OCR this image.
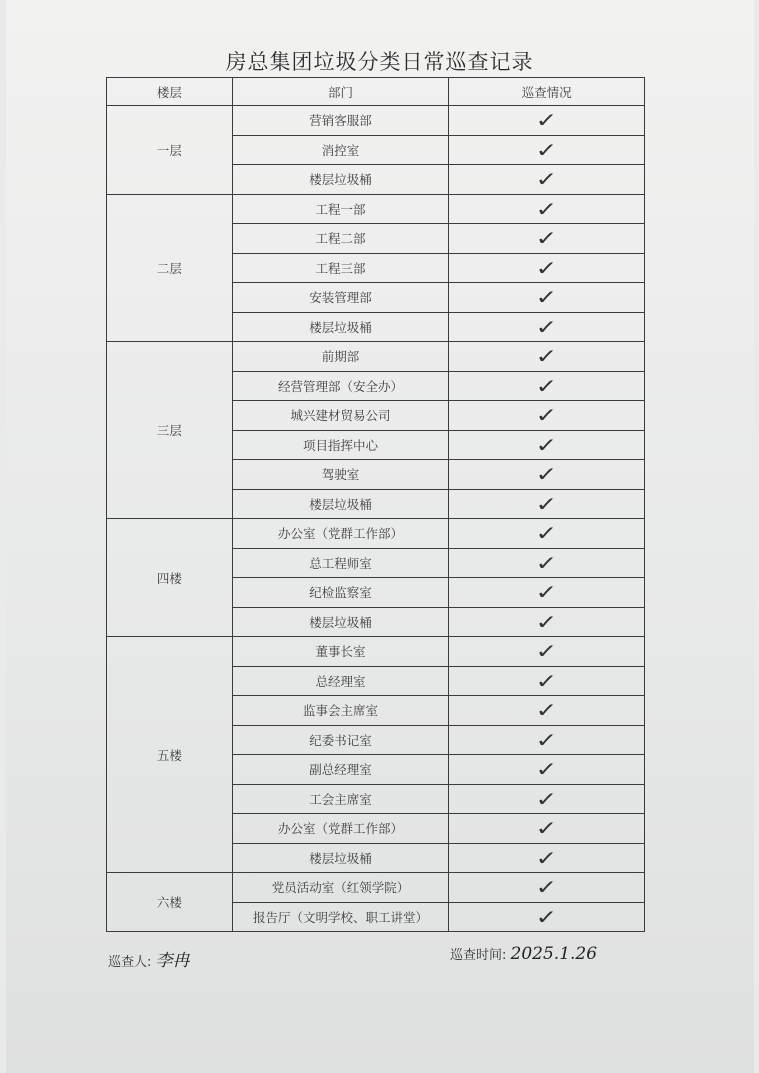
房总集团垃圾分类日常巡查记录
楼层	部门	巡查情况
一层	营销客服部	✓
	消控室	✓
	楼层垃圾桶	✓
二层	工程一部	✓
	工程二部	✓
	工程三部	✓
	安装管理部	✓
	楼层垃圾桶	✓
三层	前期部	✓
	经营管理部（安全办）	✓
	城兴建材贸易公司	✓
	项目指挥中心	✓
	驾驶室	✓
	楼层垃圾桶	✓
四楼	办公室（党群工作部）	✓
	总工程师室	✓
	纪检监察室	✓
	楼层垃圾桶	✓
五楼	董事长室	✓
	总经理室	✓
	监事会主席室	✓
	纪委书记室	✓
	副总经理室	✓
	工会主席室	✓
	办公室（党群工作部）	✓
	楼层垃圾桶	✓
六楼	党员活动室（红领学院）	✓
	报告厅（文明学校、职工讲堂）	✓
巡查人: 李冉	巡查时间: 2025.1.26
